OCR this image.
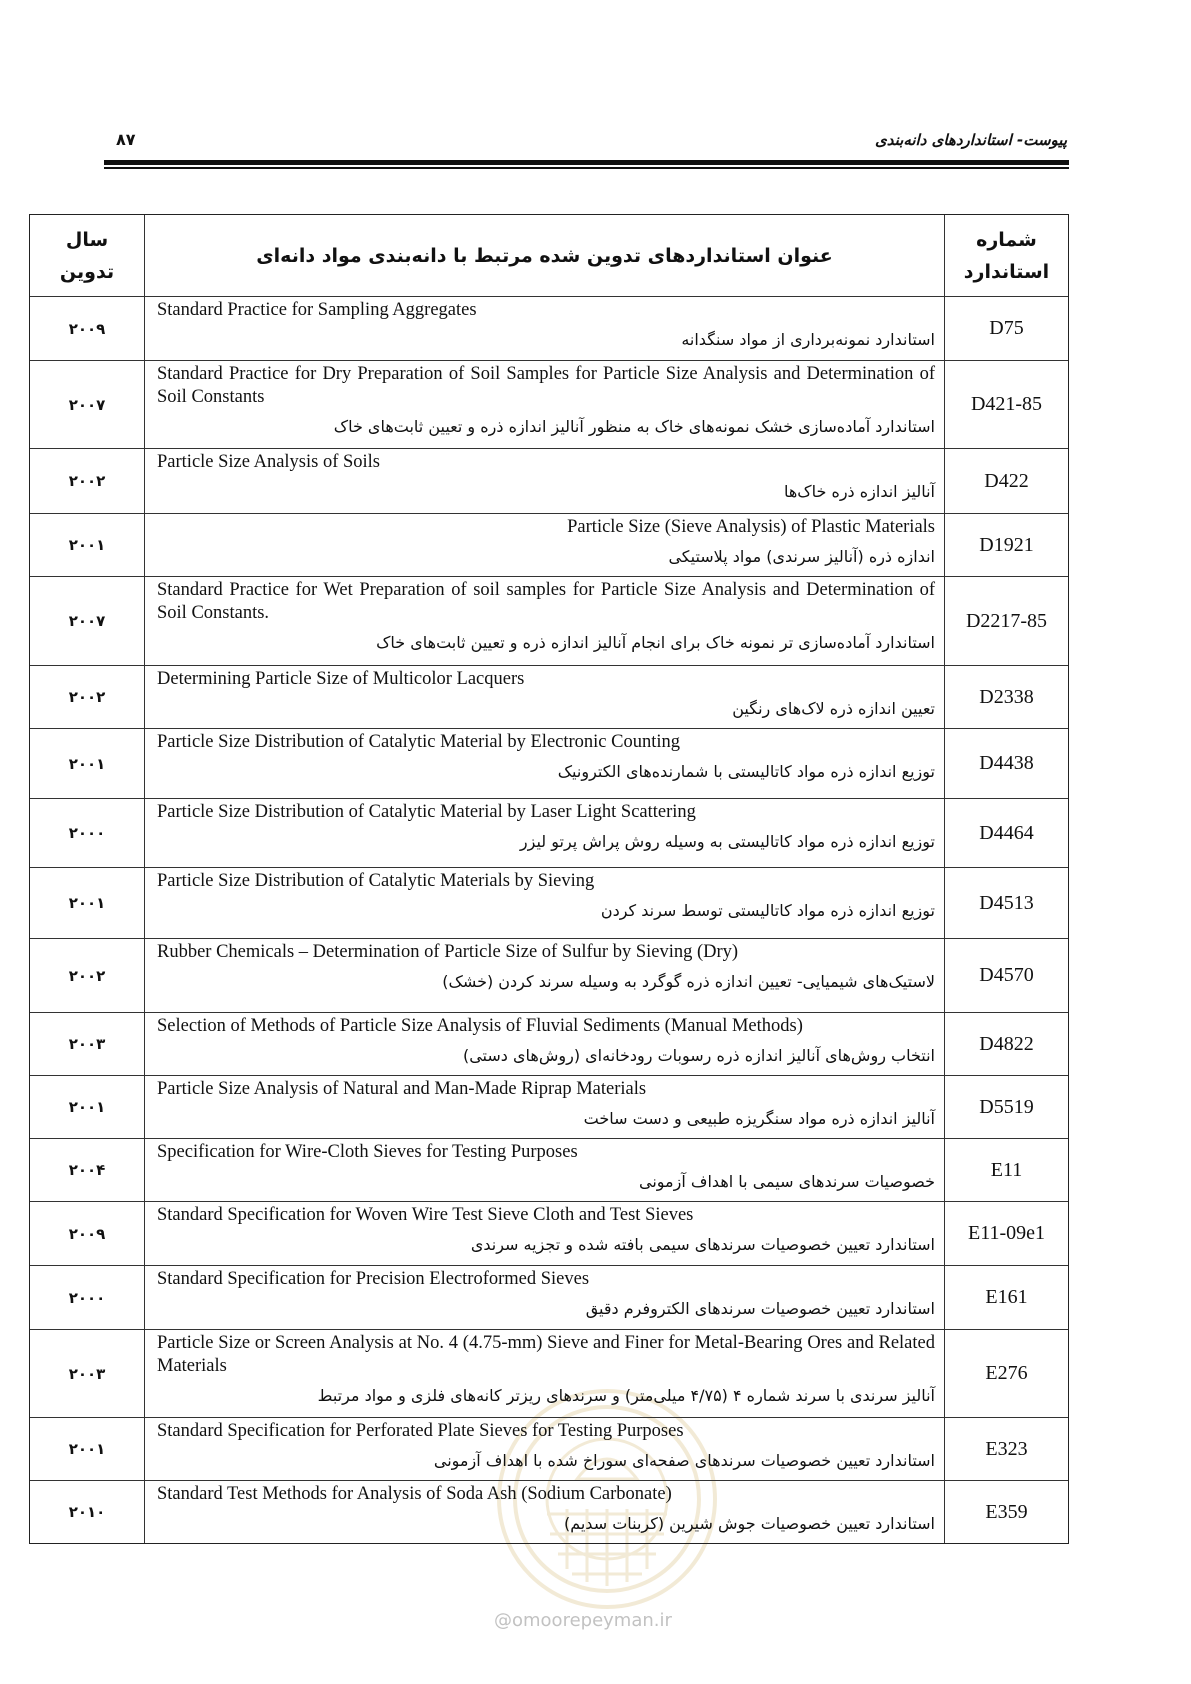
پیوست- استانداردهای دانه‌بندی
۸۷
@omoorepeyman.ir
سال
تدوین
عنوان استانداردهای تدوین شده مرتبط با دانه‌بندی مواد دانه‌ای
شماره
استاندارد
۲۰۰۹
Standard Practice for Sampling Aggregates
استاندارد نمونه‌برداری از مواد سنگدانه
D75
۲۰۰۷
Standard Practice for Dry Preparation of Soil Samples for Particle Size Analysis and Determination of Soil Constants
استاندارد آماده‌سازی خشک نمونه‌های خاک به منظور آنالیز اندازه ذره و تعیین ثابت‌های خاک
D421-85
۲۰۰۲
Particle Size Analysis of Soils
آنالیز اندازه ذره خاک‌ها	D422
۲۰۰۱
Particle Size (Sieve Analysis) of Plastic Materials
اندازه ذره (آنالیز سرندی) مواد پلاستیکی
D1921
۲۰۰۷
Standard Practice for Wet Preparation of soil samples for Particle Size Analysis and Determination of Soil Constants.
استاندارد آماده‌سازی تر نمونه خاک برای انجام آنالیز اندازه ذره و تعیین ثابت‌های خاک
D2217-85
۲۰۰۲
Determining Particle Size of Multicolor Lacquers
تعیین اندازه ذره لاک‌های رنگین
D2338
۲۰۰۱
Particle Size Distribution of Catalytic Material by Electronic Counting
توزیع اندازه ذره مواد کاتالیستی با شمارنده‌های الکترونیک	D4438
۲۰۰۰
Particle Size Distribution of Catalytic Material by Laser Light Scattering
توزیع اندازه ذره مواد کاتالیستی به وسیله روش پراش پرتو لیزر	D4464
۲۰۰۱
Particle Size Distribution of Catalytic Materials by Sieving
توزیع اندازه ذره مواد کاتالیستی توسط سرند کردن	D4513
۲۰۰۲
Rubber Chemicals – Determination of Particle Size of Sulfur by Sieving (Dry)
لاستیک‌های شیمیایی- تعیین اندازه ذره گوگرد به وسیله سرند کردن (خشک)	D4570
۲۰۰۳
Selection of Methods of Particle Size Analysis of Fluvial Sediments (Manual Methods)
انتخاب روش‌های آنالیز اندازه ذره رسوبات رودخانه‌ای (روش‌های دستی)
D4822
۲۰۰۱
Particle Size Analysis of Natural and Man-Made Riprap Materials
آنالیز اندازه ذره مواد سنگریزه طبیعی و دست ساخت
D5519
۲۰۰۴
Specification for Wire-Cloth Sieves for Testing Purposes
خصوصیات سرندهای سیمی با اهداف آزمونی
E11
۲۰۰۹
Standard Specification for Woven Wire Test Sieve Cloth and Test Sieves
استاندارد تعیین خصوصیات سرندهای سیمی بافته شده و تجزیه سرندی
E11-09e1
۲۰۰۰
Standard Specification for Precision Electroformed Sieves
استاندارد تعیین خصوصیات سرندهای الکتروفرم دقیق
E161
۲۰۰۳
Particle Size or Screen Analysis at No. 4 (4.75-mm) Sieve and Finer for Metal-Bearing Ores and Related Materials
آنالیز سرندی با سرند شماره ۴ (۴/۷۵ میلی‌متر) و سرندهای ریزتر کانه‌های فلزی و مواد مرتبط
E276
۲۰۰۱
Standard Specification for Perforated Plate Sieves for Testing Purposes
استاندارد تعیین خصوصیات سرندهای صفحه‌ای سوراخ شده با اهداف آزمونی
E323
۲۰۱۰
Standard Test Methods for Analysis of Soda Ash (Sodium Carbonate)
استاندارد تعیین خصوصیات جوش شیرین (کربنات سدیم)
E359
